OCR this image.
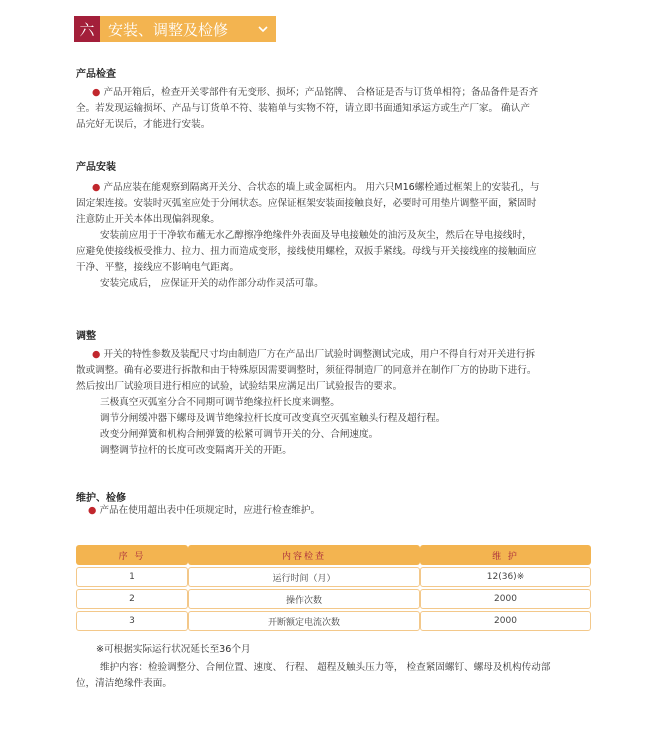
六 安装、调整及检修
产品检查

● 产品开箱后，检查开关零部件有无变形、损坏；产品铭牌、 合格证是否与订货单相符；备品备件是否齐

全。若发现运输损坏、产品与订货单不符、装箱单与实物不符，请立即书面通知承运方或生产厂家。 确认产

品完好无误后，才能进行安装。

产品安装

● 产品应装在能观察到隔离开关分、合状态的墙上或金属柜内。 用六只M16螺栓通过框架上的安装孔，与

固定架连接。安装时灭弧室应处于分闸状态。应保证框架安装面接触良好，必要时可用垫片调整平面，紧固时

注意防止开关本体出现偏斜现象。

安装前应用于干净软布蘸无水乙醇擦净绝缘件外表面及导电接触处的油污及灰尘，然后在导电接线时，

应避免使接线板受推力、拉力、扭力而造成变形，接线使用螺栓，双扳手紧线。母线与开关接线座的接触面应

干净、平整，接线应不影响电气距离。

安装完成后， 应保证开关的动作部分动作灵活可靠。

调整

● 开关的特性参数及装配尺寸均由制造厂方在产品出厂试验时调整测试完成，用户不得自行对开关进行拆

散或调整。确有必要进行拆散和由于特殊原因需要调整时，须征得制造厂的同意并在制作厂方的协助下进行。

然后按出厂试验项目进行相应的试验，试验结果应满足出厂试验报告的要求。

三极真空灭弧室分合不同期可调节绝缘拉杆长度来调整。

调节分闸缓冲器下螺母及调节绝缘拉杆长度可改变真空灭弧室触头行程及超行程。

改变分闸弹簧和机构合闸弹簧的松紧可调节开关的分、合闸速度。

调整调节拉杆的长度可改变隔离开关的开距。

维护、检修

● 产品在使用超出表中任项规定时，应进行检查维护。

序 号	内容检查	维 护
1	运行时间（月）	12(36)※
2	操作次数	2000
3	开断额定电流次数	2000
※可根据实际运行状况延长至36个月

维护内容：检验调整分、合闸位置、速度、 行程、 超程及触头压力等， 检查紧固螺钉、螺母及机构传动部

位，清洁绝缘件表面。
